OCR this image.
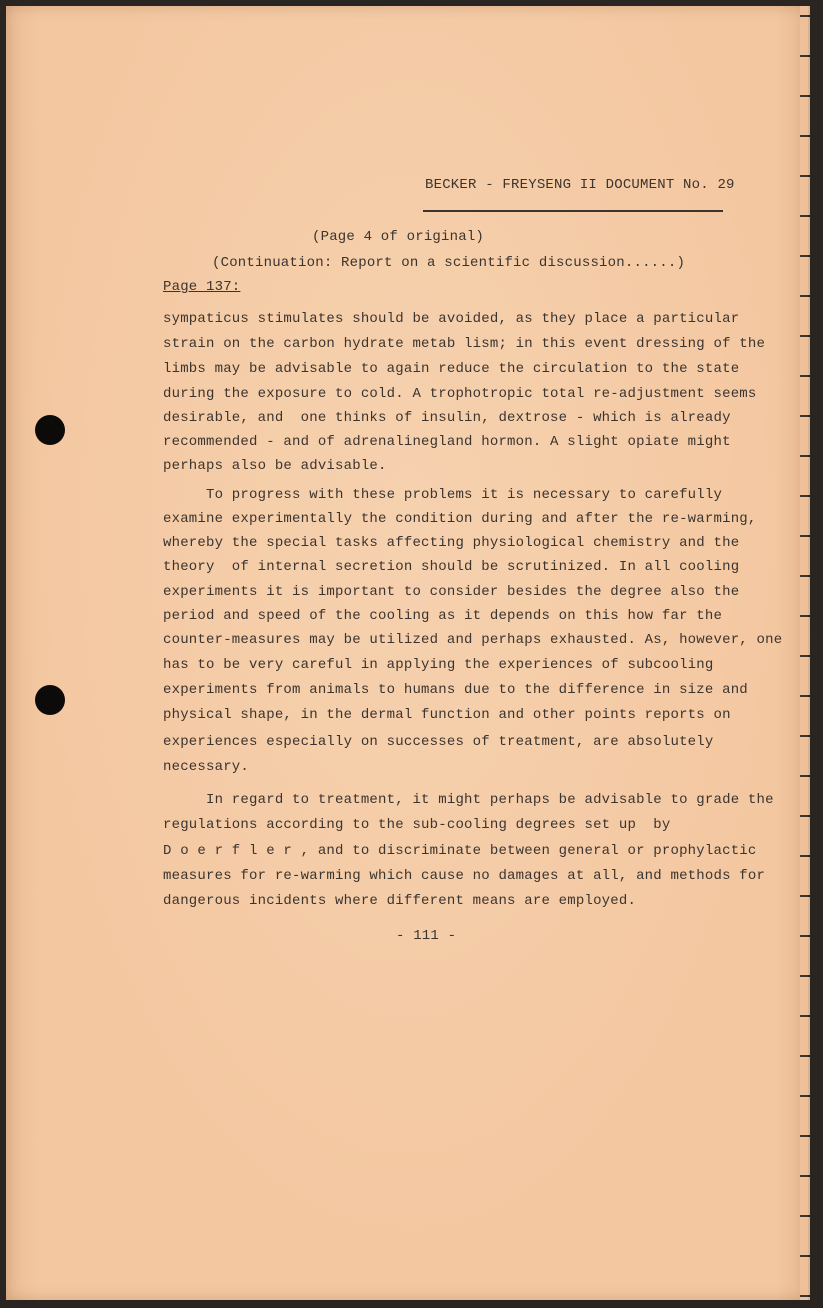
BECKER - FREYSENG II DOCUMENT No. 29
(Page 4 of original)
(Continuation: Report on a scientific discussion......)
Page 137:
sympaticus stimulates should be avoided, as they place a particular
strain on the carbon hydrate metab lism; in this event dressing of the
limbs may be advisable to again reduce the circulation to the state
during the exposure to cold. A trophotropic total re-adjustment seems
desirable, and  one thinks of insulin, dextrose - which is already
recommended - and of adrenalinegland hormon. A slight opiate might
perhaps also be advisable.
To progress with these problems it is necessary to carefully
examine experimentally the condition during and after the re-warming,
whereby the special tasks affecting physiological chemistry and the
theory  of internal secretion should be scrutinized. In all cooling
experiments it is important to consider besides the degree also the
period and speed of the cooling as it depends on this how far the
counter-measures may be utilized and perhaps exhausted. As, however, one
has to be very careful in applying the experiences of subcooling
experiments from animals to humans due to the difference in size and
physical shape, in the dermal function and other points reports on
experiences especially on successes of treatment, are absolutely
necessary.
In regard to treatment, it might perhaps be advisable to grade the
regulations according to the sub-cooling degrees set up  by
D o e r f l e r , and to discriminate between general or prophylactic
measures for re-warming which cause no damages at all, and methods for
dangerous incidents where different means are employed.
- 111 -
